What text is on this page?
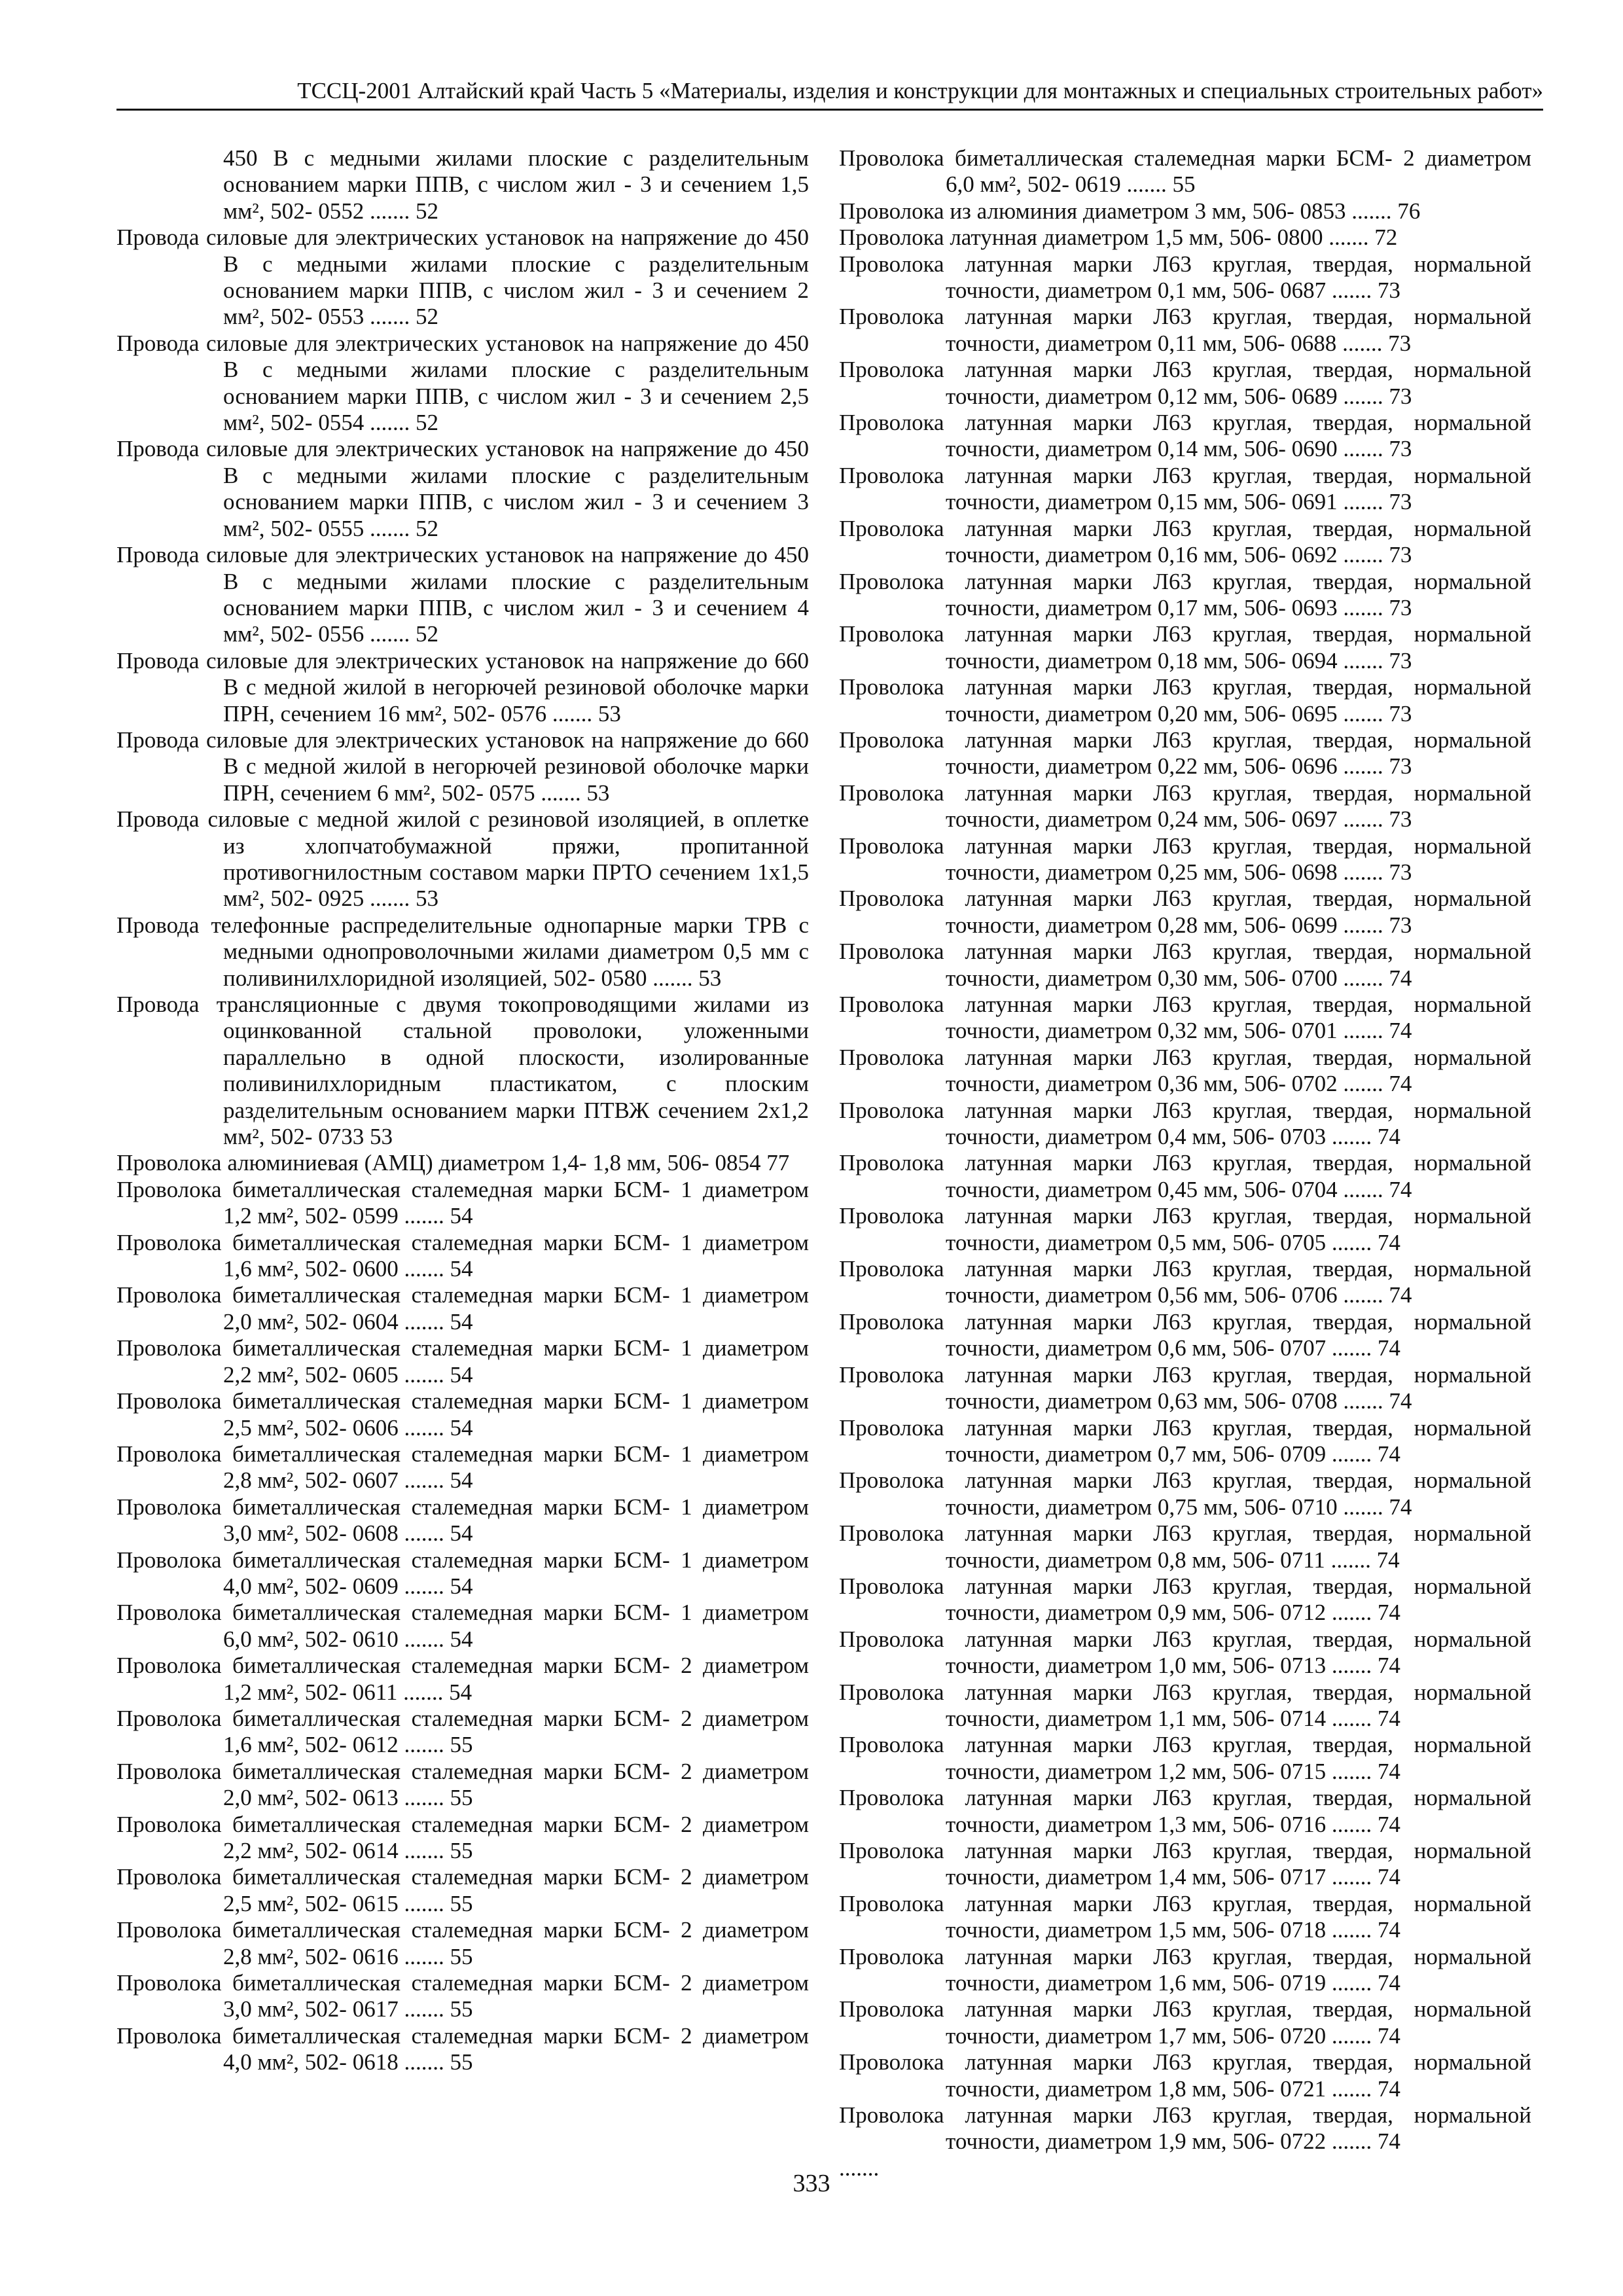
ТССЦ-2001 Алтайский край Часть 5 «Материалы, изделия и конструкции для монтажных и специальных строительных работ»
450 В с медными жилами плоские с разделительным основанием марки ППВ, с числом жил - 3 и сечением 1,5 мм², 502- 0552 ....... 52
Провода силовые для электрических установок на напряжение до 450 В с медными жилами плоские с разделительным основанием марки ППВ, с числом жил - 3 и сечением 2 мм², 502- 0553 ....... 52
Провода силовые для электрических установок на напряжение до 450 В с медными жилами плоские с разделительным основанием марки ППВ, с числом жил - 3 и сечением 2,5 мм², 502- 0554 ....... 52
Провода силовые для электрических установок на напряжение до 450 В с медными жилами плоские с разделительным основанием марки ППВ, с числом жил - 3 и сечением 3 мм², 502- 0555 ....... 52
Провода силовые для электрических установок на напряжение до 450 В с медными жилами плоские с разделительным основанием марки ППВ, с числом жил - 3 и сечением 4 мм², 502- 0556 ....... 52
Провода силовые для электрических установок на напряжение до 660 В с медной жилой в негорючей резиновой оболочке марки ПРН, сечением 16 мм², 502- 0576 ....... 53
Провода силовые для электрических установок на напряжение до 660 В с медной жилой в негорючей резиновой оболочке марки ПРН, сечением 6 мм², 502- 0575 ....... 53
Провода силовые с медной жилой с резиновой изоляцией, в оплетке из хлопчатобумажной пряжи, пропитанной противогнилостным составом марки ПРТО сечением 1х1,5 мм², 502- 0925 ....... 53
Провода телефонные распределительные однопарные марки ТРВ с медными однопроволочными жилами диаметром 0,5 мм с поливинилхлоридной изоляцией, 502- 0580 ....... 53
Провода трансляционные с двумя токопроводящими жилами из оцинкованной стальной проволоки, уложенными параллельно в одной плоскости, изолированные поливинилхлоридным пластикатом, с плоским разделительным основанием марки ПТВЖ сечением 2х1,2 мм², 502- 0733 53
Проволока алюминиевая (АМЦ) диаметром 1,4- 1,8 мм, 506- 0854 77
Проволока биметаллическая сталемедная марки БСМ- 1 диаметром 1,2 мм², 502- 0599 ....... 54
Проволока биметаллическая сталемедная марки БСМ- 1 диаметром 1,6 мм², 502- 0600 ....... 54
Проволока биметаллическая сталемедная марки БСМ- 1 диаметром 2,0 мм², 502- 0604 ....... 54
Проволока биметаллическая сталемедная марки БСМ- 1 диаметром 2,2 мм², 502- 0605 ....... 54
Проволока биметаллическая сталемедная марки БСМ- 1 диаметром 2,5 мм², 502- 0606 ....... 54
Проволока биметаллическая сталемедная марки БСМ- 1 диаметром 2,8 мм², 502- 0607 ....... 54
Проволока биметаллическая сталемедная марки БСМ- 1 диаметром 3,0 мм², 502- 0608 ....... 54
Проволока биметаллическая сталемедная марки БСМ- 1 диаметром 4,0 мм², 502- 0609 ....... 54
Проволока биметаллическая сталемедная марки БСМ- 1 диаметром 6,0 мм², 502- 0610 ....... 54
Проволока биметаллическая сталемедная марки БСМ- 2 диаметром 1,2 мм², 502- 0611 ....... 54
Проволока биметаллическая сталемедная марки БСМ- 2 диаметром 1,6 мм², 502- 0612 ....... 55
Проволока биметаллическая сталемедная марки БСМ- 2 диаметром 2,0 мм², 502- 0613 ....... 55
Проволока биметаллическая сталемедная марки БСМ- 2 диаметром 2,2 мм², 502- 0614 ....... 55
Проволока биметаллическая сталемедная марки БСМ- 2 диаметром 2,5 мм², 502- 0615 ....... 55
Проволока биметаллическая сталемедная марки БСМ- 2 диаметром 2,8 мм², 502- 0616 ....... 55
Проволока биметаллическая сталемедная марки БСМ- 2 диаметром 3,0 мм², 502- 0617 ....... 55
Проволока биметаллическая сталемедная марки БСМ- 2 диаметром 4,0 мм², 502- 0618 ....... 55
Проволока биметаллическая сталемедная марки БСМ- 2 диаметром 6,0 мм², 502- 0619 ....... 55
Проволока из алюминия диаметром 3 мм, 506- 0853 ....... 76
Проволока латунная диаметром 1,5 мм, 506- 0800 ....... 72
Проволока латунная марки Л63 круглая, твердая, нормальной точности, диаметром 0,1 мм, 506- 0687 ....... 73
Проволока латунная марки Л63 круглая, твердая, нормальной точности, диаметром 0,11 мм, 506- 0688 ....... 73
Проволока латунная марки Л63 круглая, твердая, нормальной точности, диаметром 0,12 мм, 506- 0689 ....... 73
Проволока латунная марки Л63 круглая, твердая, нормальной точности, диаметром 0,14 мм, 506- 0690 ....... 73
Проволока латунная марки Л63 круглая, твердая, нормальной точности, диаметром 0,15 мм, 506- 0691 ....... 73
Проволока латунная марки Л63 круглая, твердая, нормальной точности, диаметром 0,16 мм, 506- 0692 ....... 73
Проволока латунная марки Л63 круглая, твердая, нормальной точности, диаметром 0,17 мм, 506- 0693 ....... 73
Проволока латунная марки Л63 круглая, твердая, нормальной точности, диаметром 0,18 мм, 506- 0694 ....... 73
Проволока латунная марки Л63 круглая, твердая, нормальной точности, диаметром 0,20 мм, 506- 0695 ....... 73
Проволока латунная марки Л63 круглая, твердая, нормальной точности, диаметром 0,22 мм, 506- 0696 ....... 73
Проволока латунная марки Л63 круглая, твердая, нормальной точности, диаметром 0,24 мм, 506- 0697 ....... 73
Проволока латунная марки Л63 круглая, твердая, нормальной точности, диаметром 0,25 мм, 506- 0698 ....... 73
Проволока латунная марки Л63 круглая, твердая, нормальной точности, диаметром 0,28 мм, 506- 0699 ....... 73
Проволока латунная марки Л63 круглая, твердая, нормальной точности, диаметром 0,30 мм, 506- 0700 ....... 74
Проволока латунная марки Л63 круглая, твердая, нормальной точности, диаметром 0,32 мм, 506- 0701 ....... 74
Проволока латунная марки Л63 круглая, твердая, нормальной точности, диаметром 0,36 мм, 506- 0702 ....... 74
Проволока латунная марки Л63 круглая, твердая, нормальной точности, диаметром 0,4 мм, 506- 0703 ....... 74
Проволока латунная марки Л63 круглая, твердая, нормальной точности, диаметром 0,45 мм, 506- 0704 ....... 74
Проволока латунная марки Л63 круглая, твердая, нормальной точности, диаметром 0,5 мм, 506- 0705 ....... 74
Проволока латунная марки Л63 круглая, твердая, нормальной точности, диаметром 0,56 мм, 506- 0706 ....... 74
Проволока латунная марки Л63 круглая, твердая, нормальной точности, диаметром 0,6 мм, 506- 0707 ....... 74
Проволока латунная марки Л63 круглая, твердая, нормальной точности, диаметром 0,63 мм, 506- 0708 ....... 74
Проволока латунная марки Л63 круглая, твердая, нормальной точности, диаметром 0,7 мм, 506- 0709 ....... 74
Проволока латунная марки Л63 круглая, твердая, нормальной точности, диаметром 0,75 мм, 506- 0710 ....... 74
Проволока латунная марки Л63 круглая, твердая, нормальной точности, диаметром 0,8 мм, 506- 0711 ....... 74
Проволока латунная марки Л63 круглая, твердая, нормальной точности, диаметром 0,9 мм, 506- 0712 ....... 74
Проволока латунная марки Л63 круглая, твердая, нормальной точности, диаметром 1,0 мм, 506- 0713 ....... 74
Проволока латунная марки Л63 круглая, твердая, нормальной точности, диаметром 1,1 мм, 506- 0714 ....... 74
Проволока латунная марки Л63 круглая, твердая, нормальной точности, диаметром 1,2 мм, 506- 0715 ....... 74
Проволока латунная марки Л63 круглая, твердая, нормальной точности, диаметром 1,3 мм, 506- 0716 ....... 74
Проволока латунная марки Л63 круглая, твердая, нормальной точности, диаметром 1,4 мм, 506- 0717 ....... 74
Проволока латунная марки Л63 круглая, твердая, нормальной точности, диаметром 1,5 мм, 506- 0718 ....... 74
Проволока латунная марки Л63 круглая, твердая, нормальной точности, диаметром 1,6 мм, 506- 0719 ....... 74
Проволока латунная марки Л63 круглая, твердая, нормальной точности, диаметром 1,7 мм, 506- 0720 ....... 74
Проволока латунная марки Л63 круглая, твердая, нормальной точности, диаметром 1,8 мм, 506- 0721 ....... 74
Проволока латунная марки Л63 круглая, твердая, нормальной точности, диаметром 1,9 мм, 506- 0722 ....... 74
.......
333
